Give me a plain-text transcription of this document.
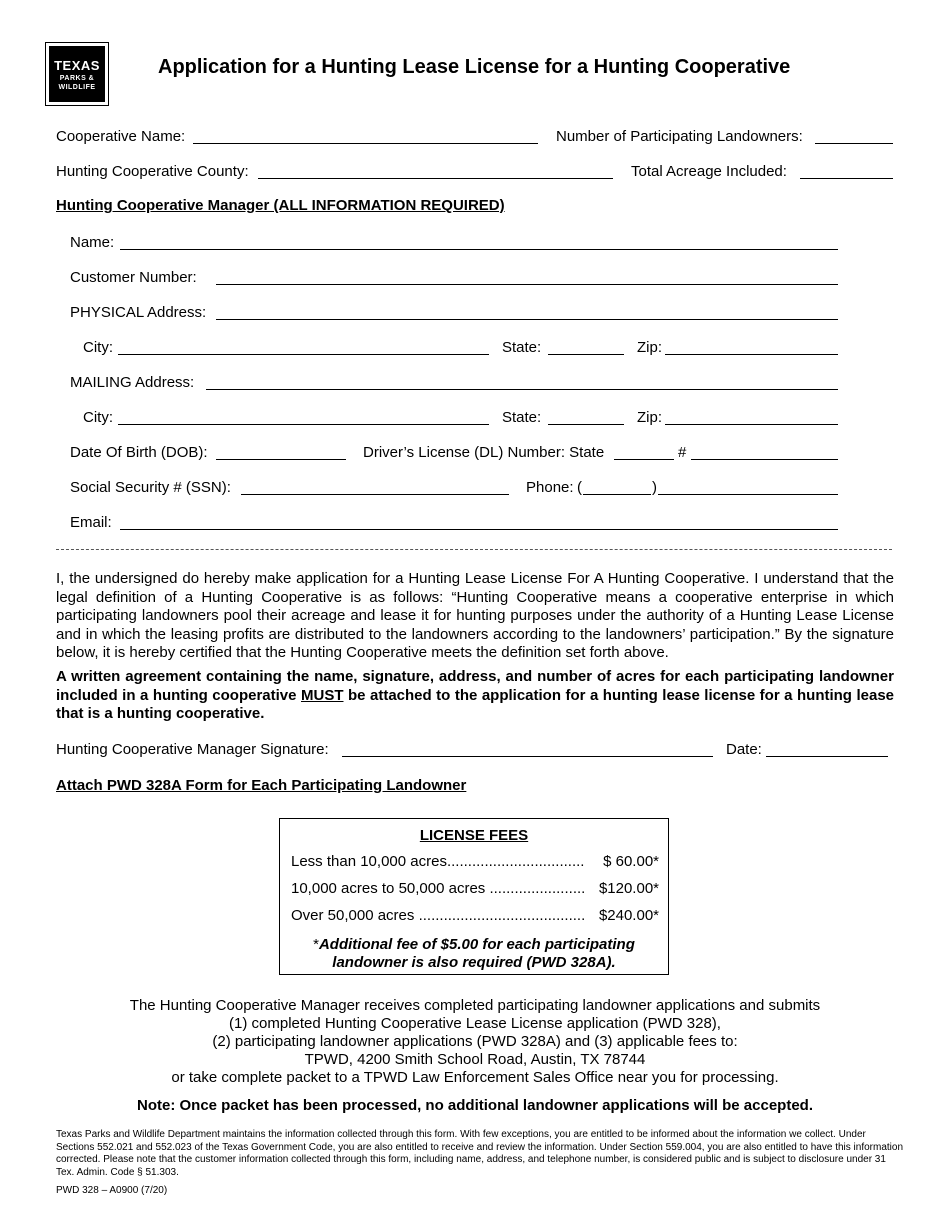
TEXAS
PARKS &
WILDLIFE
Application for a Hunting Lease License for a Hunting Cooperative
Cooperative Name:	Number of Participating Landowners:
Hunting Cooperative County:	Total Acreage Included:
Hunting Cooperative Manager (ALL INFORMATION REQUIRED)
Name:
Customer Number:
PHYSICAL Address:
City:	State:	Zip:
MAILING Address:
City:	State:	Zip:
Date Of Birth (DOB):	Driver’s License (DL) Number: State	#
Social Security # (SSN):	Phone: (	)
Email:
I, the undersigned do hereby make application for a Hunting Lease License For A Hunting Cooperative. I understand that the legal definition of a Hunting Cooperative is as follows: “Hunting Cooperative means a cooperative enterprise in which participating landowners pool their acreage and lease it for hunting purposes under the authority of a Hunting Lease License and in which the leasing profits are distributed to the landowners according to the landowners’ participation.” By the signature below, it is hereby certified that the Hunting Cooperative meets the definition set forth above.
A written agreement containing the name, signature, address, and number of acres for each participating landowner included in a hunting cooperative MUST be attached to the application for a hunting lease license for a hunting lease that is a hunting cooperative.
Hunting Cooperative Manager Signature:	Date:
Attach PWD 328A Form for Each Participating Landowner
LICENSE FEES
Less than 10,000 acres................................. $ 60.00*
10,000 acres to 50,000 acres ....................... $120.00*
Over 50,000 acres ........................................ $240.00*
*Additional fee of $5.00 for each participating
landowner is also required (PWD 328A).
The Hunting Cooperative Manager receives completed participating landowner applications and submits
(1) completed Hunting Cooperative Lease License application (PWD 328),
(2) participating landowner applications (PWD 328A) and (3) applicable fees to:
TPWD, 4200 Smith School Road, Austin, TX 78744
or take complete packet to a TPWD Law Enforcement Sales Office near you for processing.
Note: Once packet has been processed, no additional landowner applications will be accepted.
Texas Parks and Wildlife Department maintains the information collected through this form. With few exceptions, you are entitled to be informed about the information we collect. Under Sections 552.021 and 552.023 of the Texas Government Code, you are also entitled to receive and review the information. Under Section 559.004, you are also entitled to have this information corrected. Please note that the customer information collected through this form, including name, address, and telephone number, is considered public and is subject to disclosure under 31 Tex. Admin. Code § 51.303.
PWD 328 – A0900 (7/20)
